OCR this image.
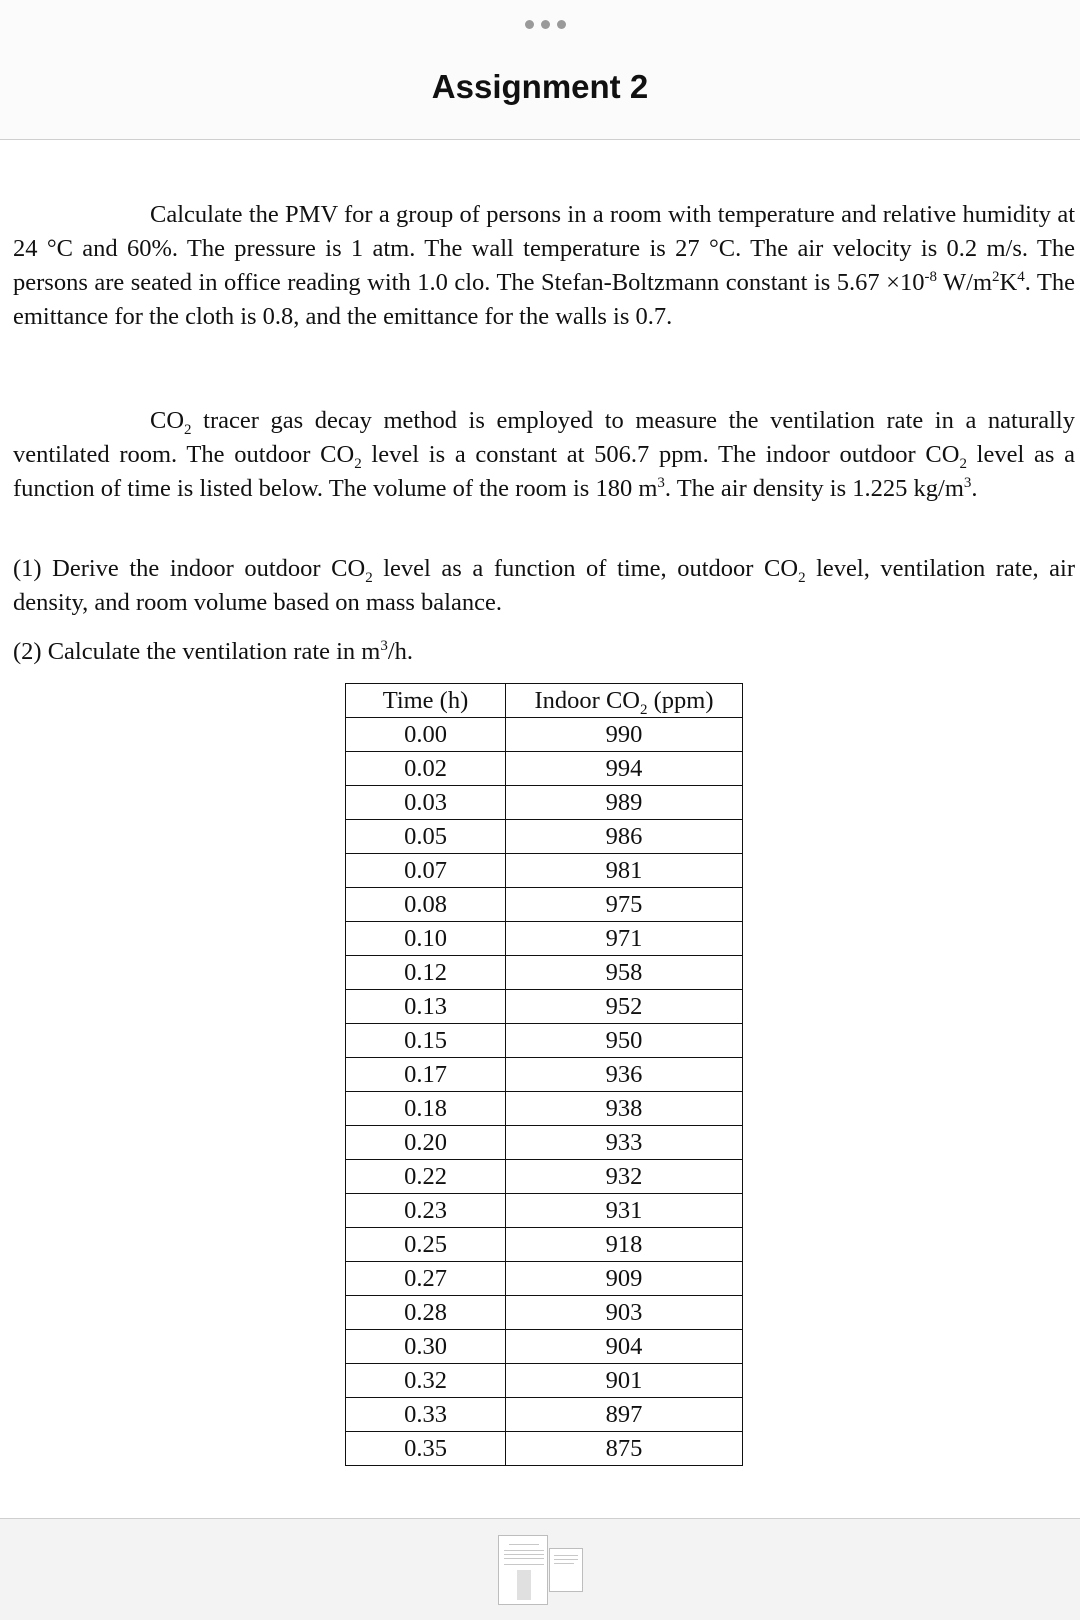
Assignment 2

Calculate the PMV for a group of persons in a room with temperature and relative humidity at 24 °C and 60%. The pressure is 1 atm. The wall temperature is 27 °C. The air velocity is 0.2 m/s. The persons are seated in office reading with 1.0 clo. The Stefan-Boltzmann constant is $5.67 \times 10^{-8}$ $W/m^2K^4$. The emittance for the cloth is 0.8, and the emittance for the walls is 0.7.

$CO_2$ tracer gas decay method is employed to measure the ventilation rate in a naturally ventilated room. The outdoor $CO_2$ level is a constant at 506.7 ppm. The indoor outdoor $CO_2$ level as a function of time is listed below. The volume of the room is 180 $m^3$. The air density is 1.225 $kg/m^3$.

(1) Derive the indoor outdoor $CO_2$ level as a function of time, outdoor $CO_2$ level, ventilation rate, air density, and room volume based on mass balance.

(2) Calculate the ventilation rate in $m^3/h$.

Time (h)	Indoor $CO_2$ (ppm)
0.00	990
0.02	994
0.03	989
0.05	986
0.07	981
0.08	975
0.10	971
0.12	958
0.13	952
0.15	950
0.17	936
0.18	938
0.20	933
0.22	932
0.23	931
0.25	918
0.27	909
0.28	903
0.30	904
0.32	901
0.33	897
0.35	875
